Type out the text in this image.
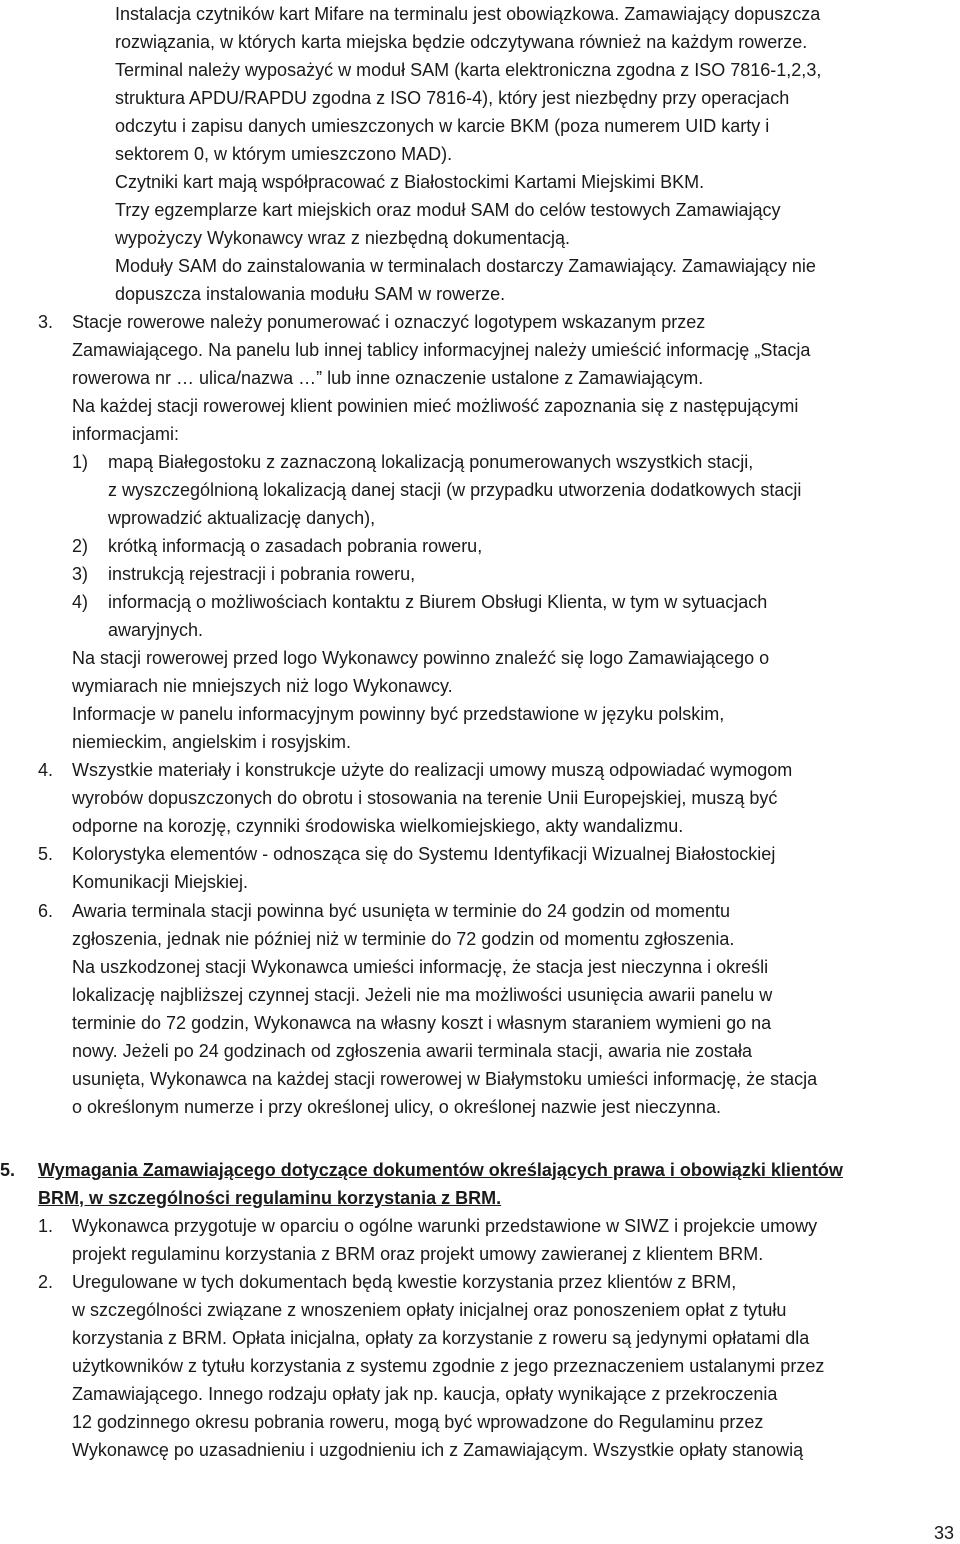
Instalacja czytników kart Mifare na terminalu jest obowiązkowa. Zamawiający dopuszcza
rozwiązania, w których karta miejska będzie odczytywana również na każdym rowerze.
Terminal należy wyposażyć w moduł SAM (karta elektroniczna zgodna z ISO 7816-1,2,3,
struktura APDU/RAPDU zgodna z ISO 7816-4), który jest niezbędny przy operacjach
odczytu i zapisu danych umieszczonych w karcie BKM (poza numerem UID karty i
sektorem 0, w którym umieszczono MAD).
Czytniki kart mają współpracować z Białostockimi Kartami Miejskimi BKM.
Trzy egzemplarze kart miejskich oraz moduł SAM do celów testowych Zamawiający
wypożyczy Wykonawcy wraz z niezbędną dokumentacją.
Moduły SAM do zainstalowania w terminalach dostarczy Zamawiający. Zamawiający nie
dopuszcza instalowania modułu SAM w rowerze.
3. Stacje rowerowe należy ponumerować i oznaczyć logotypem wskazanym przez
Zamawiającego. Na panelu lub innej tablicy informacyjnej należy umieścić informację „Stacja
rowerowa nr … ulica/nazwa …” lub inne oznaczenie ustalone z Zamawiającym.
Na każdej stacji rowerowej klient powinien mieć możliwość zapoznania się z następującymi
informacjami:
1) mapą Białegostoku z zaznaczoną lokalizacją ponumerowanych wszystkich stacji,
z wyszczególnioną lokalizacją danej stacji (w przypadku utworzenia dodatkowych stacji
wprowadzić aktualizację danych),
2) krótką informacją o zasadach pobrania roweru,
3) instrukcją rejestracji i pobrania roweru,
4) informacją o możliwościach kontaktu z Biurem Obsługi Klienta, w tym w sytuacjach
awaryjnych.
Na stacji rowerowej przed logo Wykonawcy powinno znaleźć się logo Zamawiającego o
wymiarach nie mniejszych niż logo Wykonawcy.
Informacje w panelu informacyjnym powinny być przedstawione w języku polskim,
niemieckim, angielskim i rosyjskim.
4. Wszystkie materiały i konstrukcje użyte do realizacji umowy muszą odpowiadać wymogom
wyrobów dopuszczonych do obrotu i stosowania na terenie Unii Europejskiej, muszą być
odporne na korozję, czynniki środowiska wielkomiejskiego, akty wandalizmu.
5. Kolorystyka elementów - odnosząca się do Systemu Identyfikacji Wizualnej Białostockiej
Komunikacji Miejskiej.
6. Awaria terminala stacji powinna być usunięta w terminie do 24 godzin od momentu
zgłoszenia, jednak nie później niż w terminie do 72 godzin od momentu zgłoszenia.
Na uszkodzonej stacji Wykonawca umieści informację, że stacja jest nieczynna i określi
lokalizację najbliższej czynnej stacji. Jeżeli nie ma możliwości usunięcia awarii panelu w
terminie do 72 godzin, Wykonawca na własny koszt i własnym staraniem wymieni go na
nowy. Jeżeli po 24 godzinach od zgłoszenia awarii terminala stacji, awaria nie została
usunięta, Wykonawca na każdej stacji rowerowej w Białymstoku umieści informację, że stacja
o określonym numerze i przy określonej ulicy, o określonej nazwie jest nieczynna.
5. Wymagania Zamawiającego dotyczące dokumentów określających prawa i obowiązki klientów
BRM, w szczególności regulaminu korzystania z BRM.
1. Wykonawca przygotuje w oparciu o ogólne warunki przedstawione w SIWZ i projekcie umowy
projekt regulaminu korzystania z BRM oraz projekt umowy zawieranej z klientem BRM.
2. Uregulowane w tych dokumentach będą kwestie korzystania przez klientów z BRM,
w szczególności związane z wnoszeniem opłaty inicjalnej oraz ponoszeniem opłat z tytułu
korzystania z BRM. Opłata inicjalna, opłaty za korzystanie z roweru są jedynymi opłatami dla
użytkowników z tytułu korzystania z systemu zgodnie z jego przeznaczeniem ustalanymi przez
Zamawiającego. Innego rodzaju opłaty jak np. kaucja, opłaty wynikające z przekroczenia
12 godzinnego okresu pobrania roweru, mogą być wprowadzone do Regulaminu przez
Wykonawcę po uzasadnieniu i uzgodnieniu ich z Zamawiającym. Wszystkie opłaty stanowią
33
